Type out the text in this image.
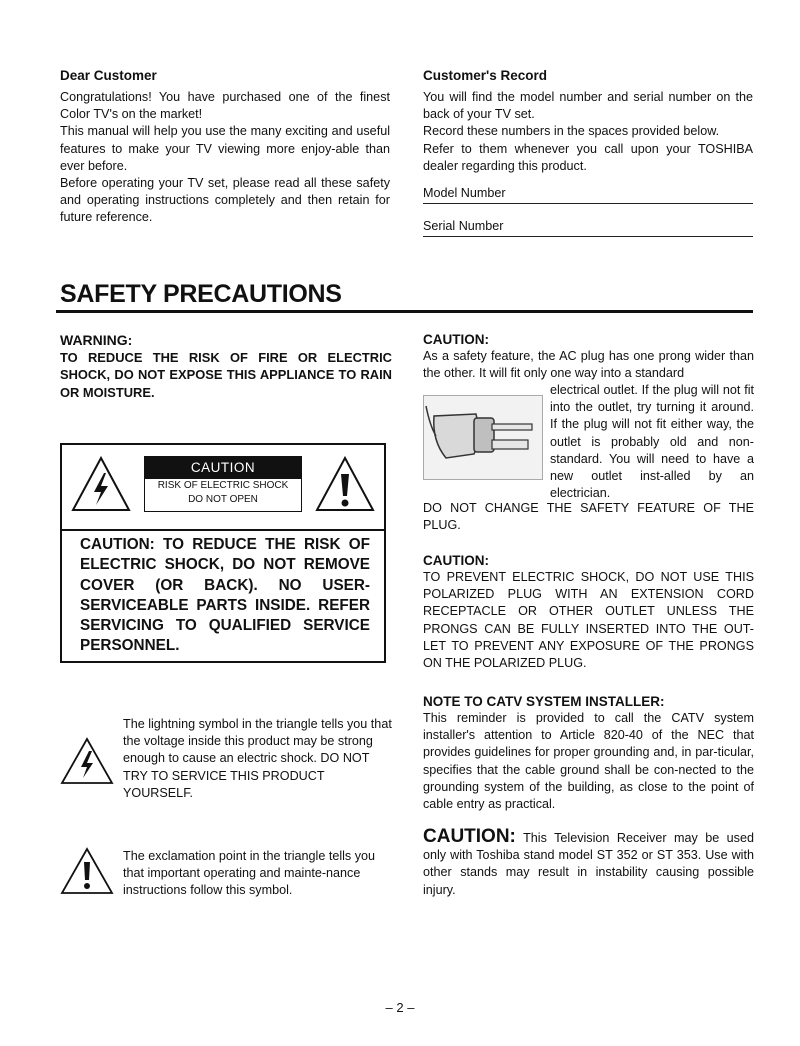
Dear Customer

Congratulations! You have purchased one of the finest Color TV's on the market!

This manual will help you use the many exciting and useful features to make your TV viewing more enjoy-able than ever before.

Before operating your TV set, please read all these safety and operating instructions completely and then retain for future reference.

Customer's Record

You will find the model number and serial number on the back of your TV set.

Record these numbers in the spaces provided below.

Refer to them whenever you call upon your TOSHIBA dealer regarding this product.

Model Number
Serial Number
SAFETY PRECAUTIONS
WARNING:
TO REDUCE THE RISK OF FIRE OR ELECTRIC SHOCK, DO NOT EXPOSE THIS APPLIANCE TO RAIN OR MOISTURE.
CAUTION
RISK OF ELECTRIC SHOCK
DO NOT OPEN
CAUTION: TO REDUCE THE RISK OF ELECTRIC SHOCK, DO NOT REMOVE COVER (OR BACK). NO USER-SERVICEABLE PARTS INSIDE. REFER SERVICING TO QUALIFIED SERVICE PERSONNEL.
The lightning symbol in the triangle tells you that the voltage inside this product may be strong enough to cause an electric shock. DO NOT TRY TO SERVICE THIS PRODUCT YOURSELF.
The exclamation point in the triangle tells you that important operating and mainte-nance instructions follow this symbol.
CAUTION:
As a safety feature, the AC plug has one prong wider than the other. It will fit only one way into a standard
electrical outlet. If the plug will not fit into the outlet, try turning it around. If the plug will not fit either way, the outlet is probably old and non-standard. You will need to have a new outlet inst-alled by an electrician.
DO NOT CHANGE THE SAFETY FEATURE OF THE PLUG.
CAUTION:
TO PREVENT ELECTRIC SHOCK, DO NOT USE THIS POLARIZED PLUG WITH AN EXTENSION CORD RECEPTACLE OR OTHER OUTLET UNLESS THE PRONGS CAN BE FULLY INSERTED INTO THE OUT-LET TO PREVENT ANY EXPOSURE OF THE PRONGS ON THE POLARIZED PLUG.
NOTE TO CATV SYSTEM INSTALLER:
This reminder is provided to call the CATV system installer's attention to Article 820-40 of the NEC that provides guidelines for proper grounding and, in par-ticular, specifies that the cable ground shall be con-nected to the grounding system of the building, as close to the point of cable entry as practical.
CAUTION: This Television Receiver may be used only with Toshiba stand model ST 352 or ST 353. Use with other stands may result in instability causing possible injury.
– 2 –
